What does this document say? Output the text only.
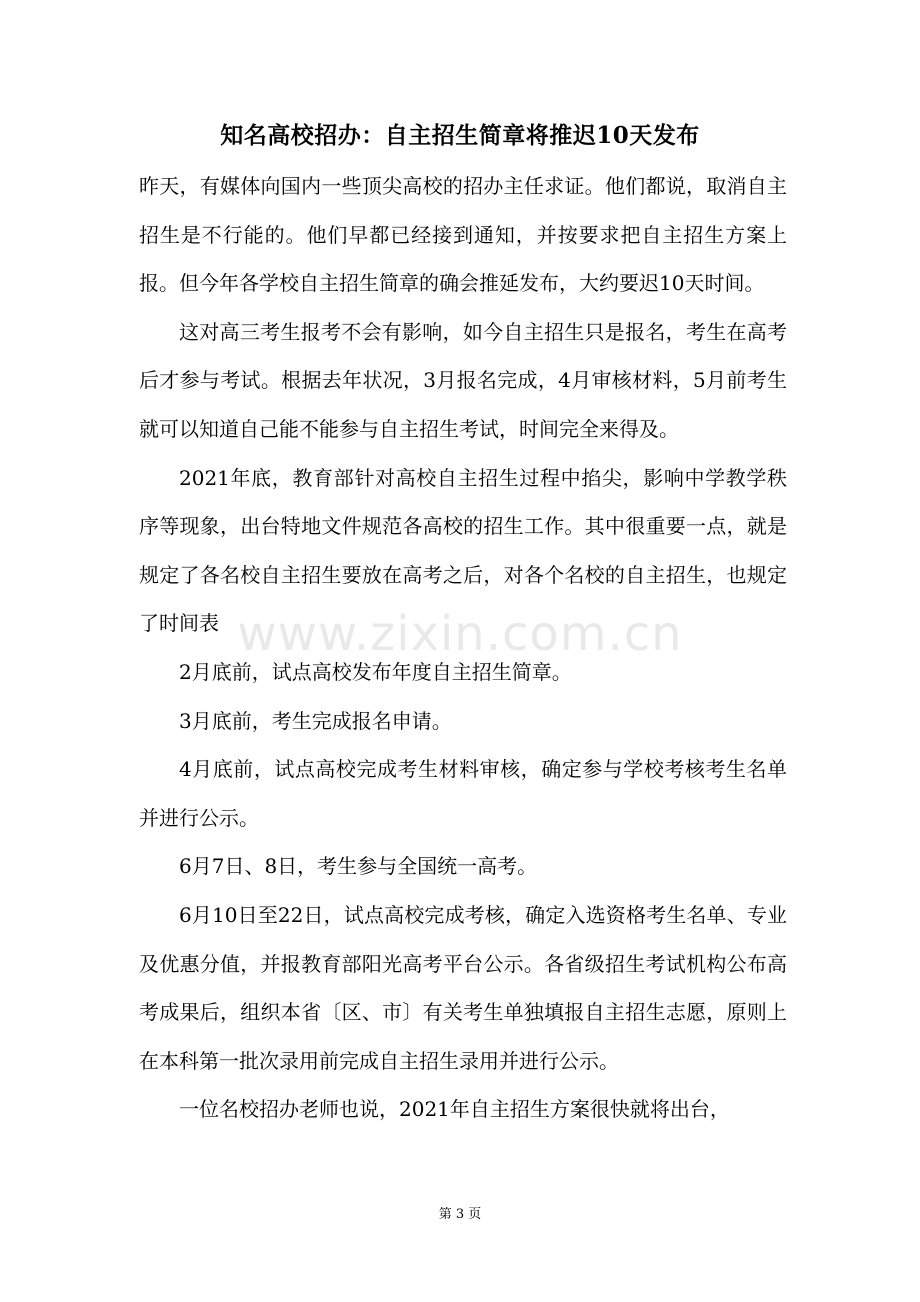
知名高校招办：自主招生简章将推迟10天发布

昨天，有媒体向国内一些顶尖高校的招办主任求证。他们都说，取消自主招生是不行能的。他们早都已经接到通知，并按要求把自主招生方案上报。但今年各学校自主招生简章的确会推延发布，大约要迟10天时间。

这对高三考生报考不会有影响，如今自主招生只是报名，考生在高考后才参与考试。根据去年状况，3月报名完成，4月审核材料，5月前考生就可以知道自己能不能参与自主招生考试，时间完全来得及。

2021年底，教育部针对高校自主招生过程中掐尖，影响中学教学秩序等现象，出台特地文件规范各高校的招生工作。其中很重要一点，就是规定了各名校自主招生要放在高考之后，对各个名校的自主招生，也规定了时间表

2月底前，试点高校发布年度自主招生简章。

3月底前，考生完成报名申请。

4月底前，试点高校完成考生材料审核，确定参与学校考核考生名单并进行公示。

6月7日、8日，考生参与全国统一高考。

6月10日至22日，试点高校完成考核，确定入选资格考生名单、专业及优惠分值，并报教育部阳光高考平台公示。各省级招生考试机构公布高考成果后，组织本省〔区、市〕有关考生单独填报自主招生志愿，原则上在本科第一批次录用前完成自主招生录用并进行公示。

一位名校招办老师也说，2021年自主招生方案很快就将出台，

www.zixin.com.cn
第 3 页
